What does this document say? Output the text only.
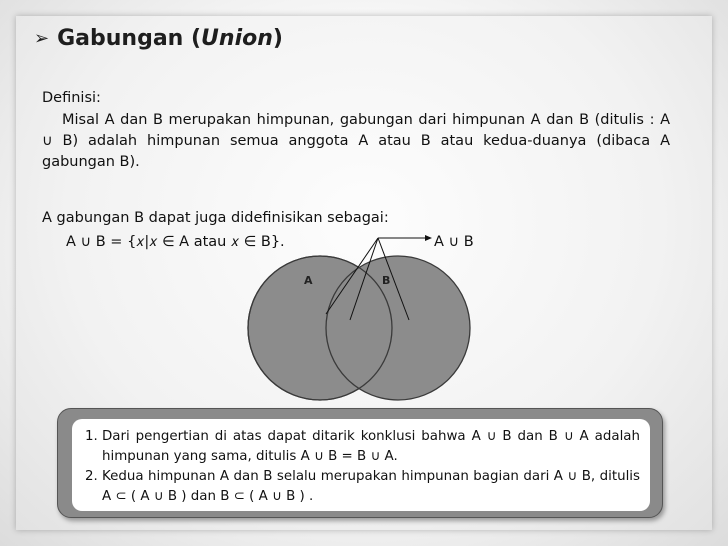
➢ Gabungan (Union)
Definisi:
Misal A dan B merupakan himpunan, gabungan dari himpunan A dan B (ditulis : A ∪ B) adalah himpunan semua anggota A atau B atau kedua-duanya (dibaca A gabungan B).
A gabungan B dapat juga didefinisikan sebagai:
A ∪ B = {𝑥|𝑥 ∈ A atau 𝑥 ∈ B}.	A ∪ B
A	B
1. Dari pengertian di atas dapat ditarik konklusi bahwa A ∪ B dan B ∪ A adalah himpunan yang sama, ditulis A ∪ B = B ∪ A.
2. Kedua himpunan A dan B selalu merupakan himpunan bagian dari A ∪ B, ditulis A ⊂ ( A ∪ B ) dan B ⊂ ( A ∪ B ) .
